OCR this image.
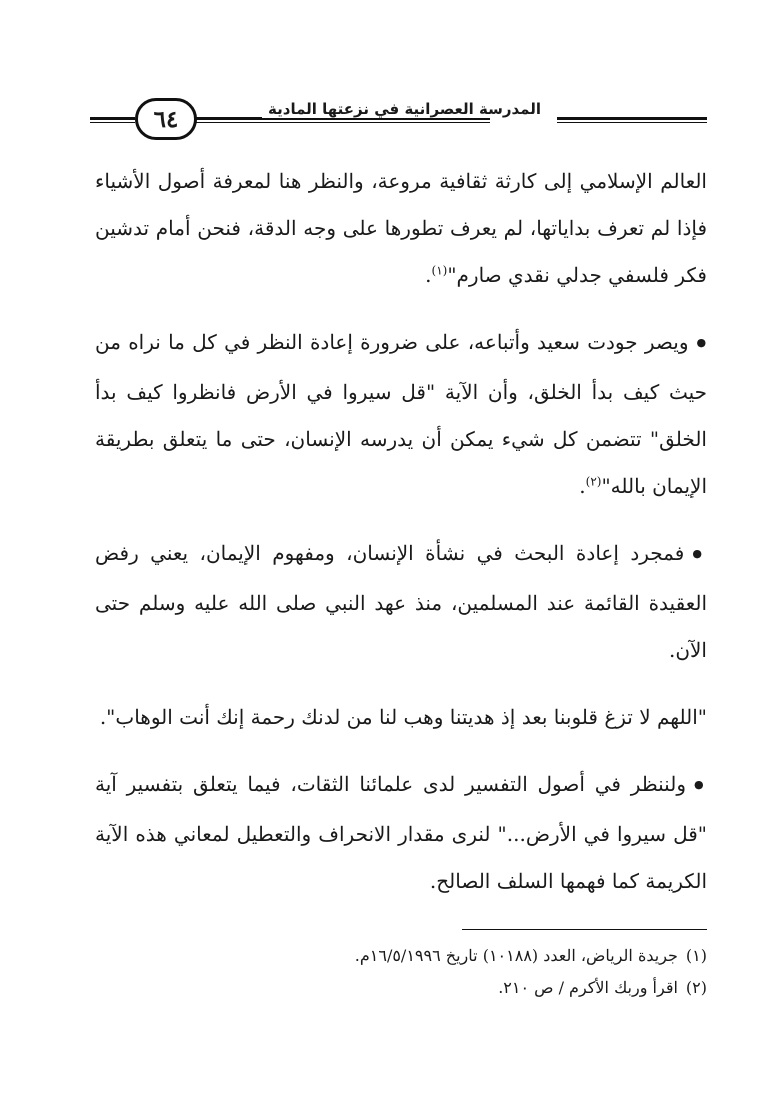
٦٤	المدرسة العصرانية في نزعتها المادية

العالم الإسلامي إلى كارثة ثقافية مروعة، والنظر هنا لمعرفة أصول الأشياء فإذا لم تعرف بداياتها، لم يعرف تطورها على وجه الدقة، فنحن أمام تدشين فكر فلسفي جدلي نقدي صارم"$^{(١)}$.

● ويصر جودت سعيد وأتباعه، على ضرورة إعادة النظر في كل ما نراه من حيث كيف بدأ الخلق، وأن الآية "قل سيروا في الأرض فانظروا كيف بدأ الخلق" تتضمن كل شيء يمكن أن يدرسه الإنسان، حتى ما يتعلق بطريقة الإيمان بالله"$^{(٢)}$.

● فمجرد إعادة البحث في نشأة الإنسان، ومفهوم الإيمان، يعني رفض العقيدة القائمة عند المسلمين، منذ عهد النبي صلى الله عليه وسلم حتى الآن.

"اللهم لا تزغ قلوبنا بعد إذ هديتنا وهب لنا من لدنك رحمة إنك أنت الوهاب".

● ولننظر في أصول التفسير لدى علمائنا الثقات، فيما يتعلق بتفسير آية "قل سيروا في الأرض..." لنرى مقدار الانحراف والتعطيل لمعاني هذه الآية الكريمة كما فهمها السلف الصالح.

(١)جريدة الرياض، العدد (١٠١٨٨) تاريخ ١٦/٥/١٩٩٦م.

(٢)اقرأ وربك الأكرم / ص ٢١٠.
